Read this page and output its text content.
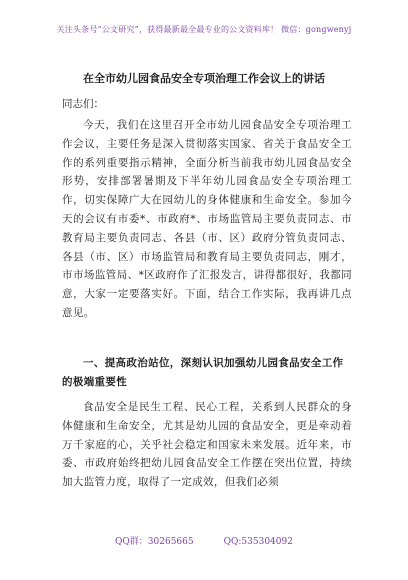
关注头条号“公文研究”，获得最新最全最专业的公文资料库！ 微信：gongwenyj
在全市幼儿园食品安全专项治理工作会议上的讲话
同志们：

今天，我们在这里召开全市幼儿园食品安全专项治理工作会议，主要任务是深入贯彻落实国家、省关于食品安全工作的系列重要指示精神，全面分析当前我市幼儿园食品安全形势，安排部署暑期及下半年幼儿园食品安全专项治理工作，切实保障广大在园幼儿的身体健康和生命安全。参加今天的会议有市委*、市政府*、市场监管局主要负责同志、市教育局主要负责同志、各县（市、区）政府分管负责同志、各县（市、区）市场监管局和教育局主要负责同志，刚才，市市场监管局、*区政府作了汇报发言，讲得都很好，我都同意，大家一定要落实好。下面，结合工作实际，我再讲几点意见。

一、提高政治站位，深刻认识加强幼儿园食品安全工作的极端重要性

食品安全是民生工程、民心工程，关系到人民群众的身体健康和生命安全，尤其是幼儿园的食品安全，更是牵动着万千家庭的心，关乎社会稳定和国家未来发展。近年来，市委、市政府始终把幼儿园食品安全工作摆在突出位置，持续加大监管力度，取得了一定成效，但我们必须

QQ群：30265665	QQ:535304092
